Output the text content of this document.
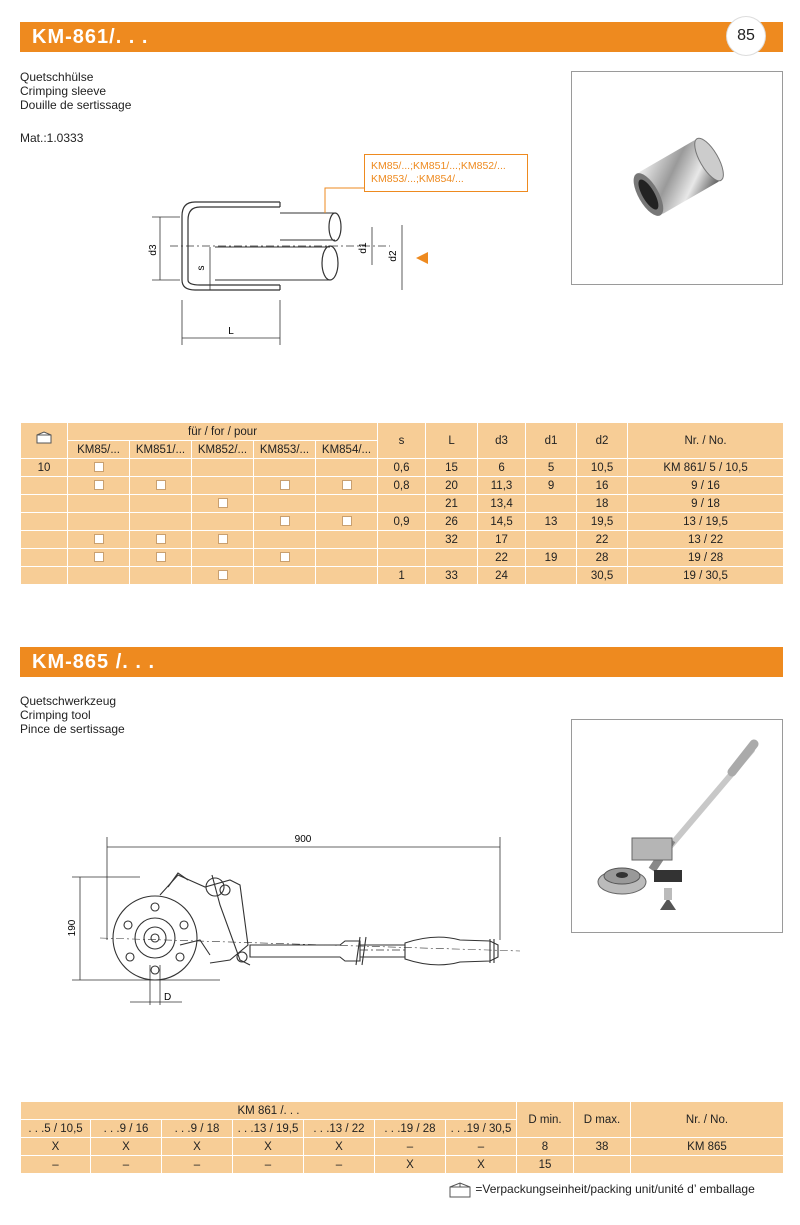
KM-861/. . .	85
Quetschhülse
Crimping sleeve
Douille de sertissage
Mat.:1.0333
d3
s
d1
d2
L
KM85/...;KM851/...;KM852/...
KM853/...;KM854/...
	für / for / pour					s	L	d3	d1	d2	Nr. / No.
	KM85/...	KM851/...	KM852/...	KM853/...	KM854/...						
10						0,6	15	6	5	10,5	KM 861/ 5 / 10,5
						0,8	20	11,3	9	16	9 / 16
							21	13,4		18	9 / 18
						0,9	26	14,5	13	19,5	13 / 19,5
							32	17		22	13 / 22
								22	19	28	19 / 28
						1	33	24		30,5	19 / 30,5
KM-865 /. . .
Quetschwerkzeug
Crimping tool
Pince de sertissage
900
190
D
KM 861 /. . .							D min.	D max.	Nr. / No.
. . .5 / 10,5	. . .9 / 16	. . .9 / 18	. . .13 / 19,5	. . .13 / 22	. . .19 / 28	. . .19 / 30,5			
X	X	X	X	X	–	–	8	38	KM 865
–	–	–	–	–	X	X	15		
=Verpackungseinheit/packing unit/unité d’ emballage
